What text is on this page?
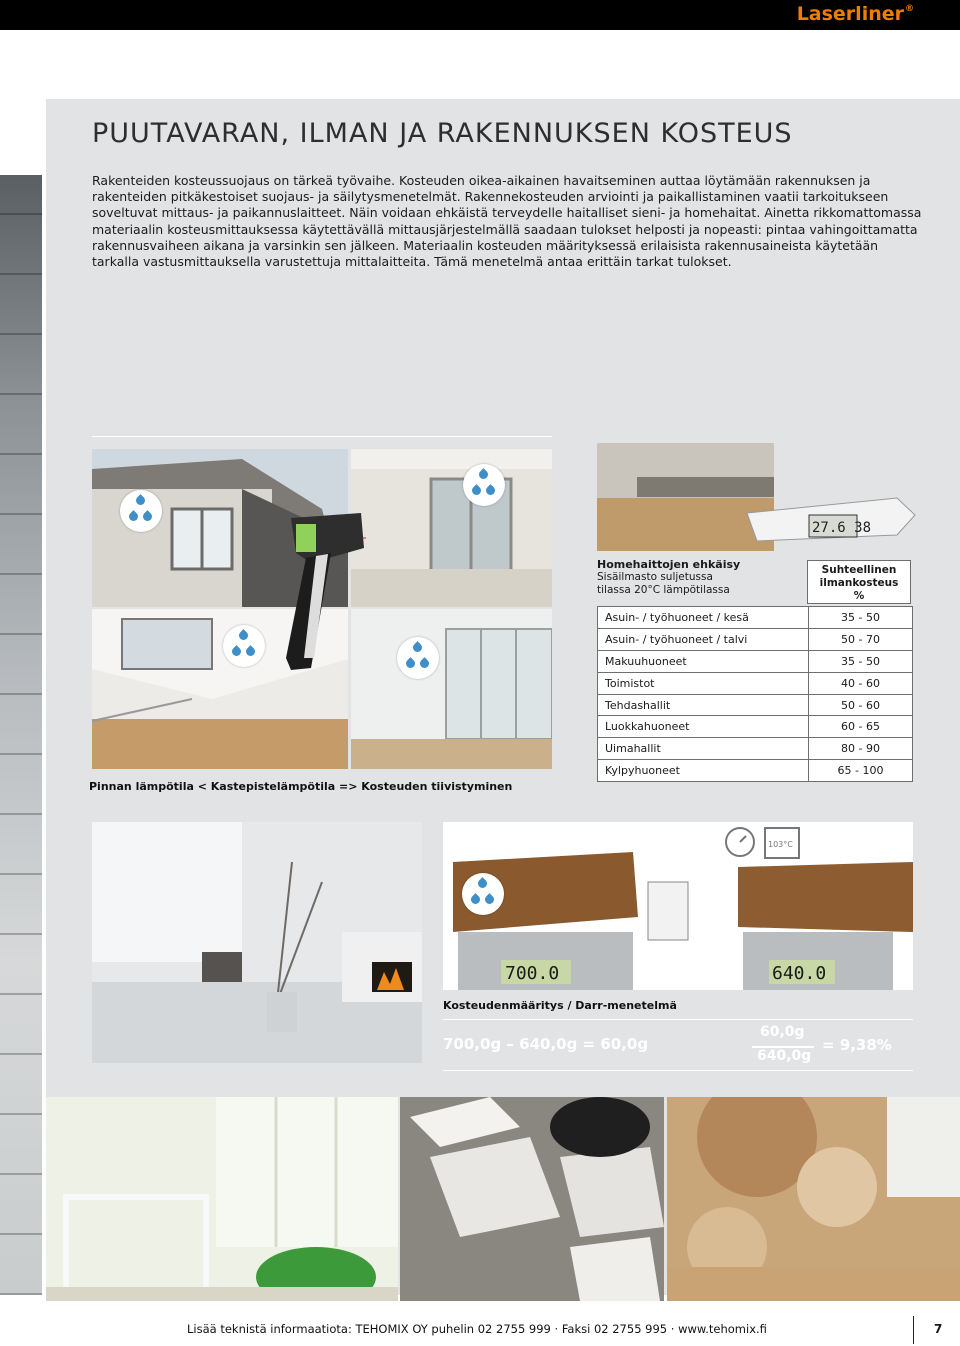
Laserliner®
PUUTAVARAN, ILMAN JA RAKENNUKSEN KOSTEUS

Rakenteiden kosteussuojaus on tärkeä työvaihe. Kosteuden oikea-aikainen havaitseminen auttaa löytämään rakennuksen ja rakenteiden pitkäkestoiset suojaus- ja säilytysmenetelmät. Rakennekosteuden arviointi ja paikallistaminen vaatii tarkoitukseen soveltuvat mittaus- ja paikannuslaitteet. Näin voidaan ehkäistä terveydelle haitalliset sieni- ja homehaitat. Ainetta rikkomattomassa materiaalin kosteusmittauksessa käytettävällä mittausjärjestelmällä saadaan tulokset helposti ja nopeasti: pintaa vahingoittamatta rakennusvaiheen aikana ja varsinkin sen jälkeen. Materiaalin kosteuden määrityksessä erilaisista rakennusaineista käytetään tarkalla vastusmittauksella varustettuja mittalaitteita. Tämä menetelmä antaa erittäin tarkat tulokset.

Pinnan lämpötila < Kastepistelämpötila => Kosteuden tiivistyminen
27.6 38
Homehaittojen ehkäisy
Sisäilmasto suljetussa
tilassa 20°C lämpötilassa
Suhteellinen
ilmankosteus
%
Asuin- / työhuoneet / kesä	35 - 50
Asuin- / työhuoneet / talvi	50 - 70
Makuuhuoneet	35 - 50
Toimistot	40 - 60
Tehdashallit	50 - 60
Luokkahuoneet	60 - 65
Uimahallit	80 - 90
Kylpyhuoneet	65 - 100
700.0	640.0
103°C
Kosteudenmääritys / Darr-menetelmä
700,0g – 640,0g = 60,0g
60,0g
640,0g
= 9,38%
Lisää teknistä informaatiota: TEHOMIX OY puhelin 02 2755 999 · Faksi 02 2755 995 · www.tehomix.fi	7
